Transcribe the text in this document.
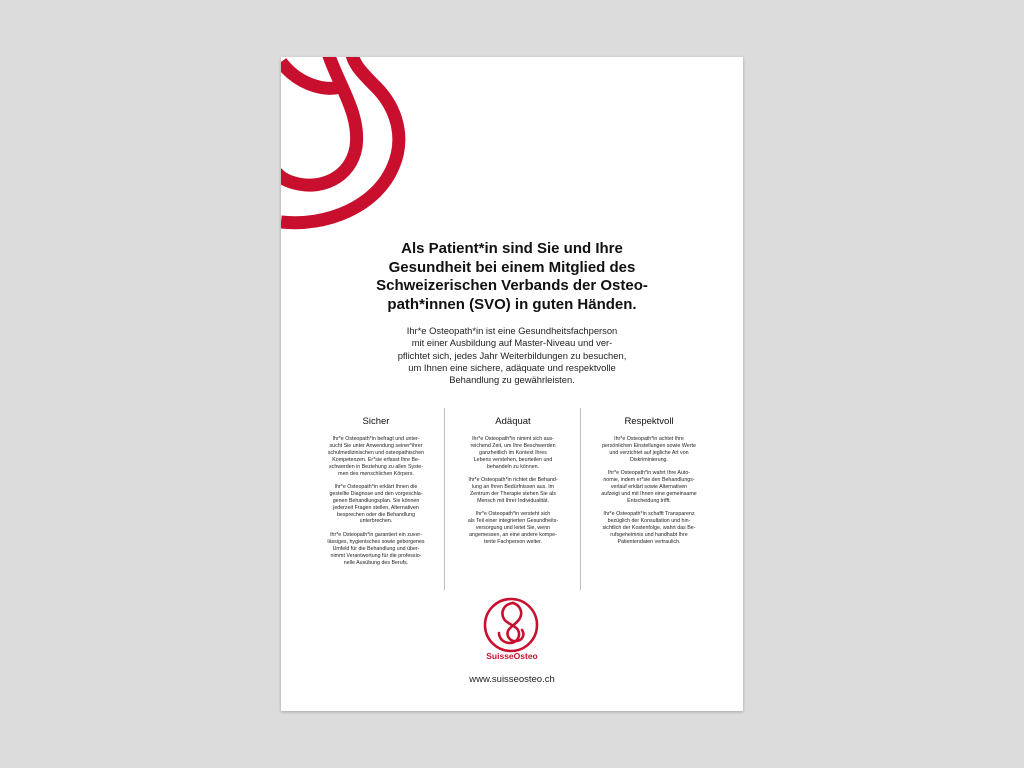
Als Patient*in sind Sie und Ihre
Gesundheit bei einem Mitglied des
Schweizerischen Verbands der Osteo-
path*innen (SVO) in guten Händen.
Ihr*e Osteopath*in ist eine Gesundheitsfachperson
mit einer Ausbildung auf Master-Niveau und ver-
pflichtet sich, jedes Jahr Weiterbildungen zu besuchen,
um Ihnen eine sichere, adäquate und respektvolle
Behandlung zu gewährleisten.
Sicher
Ihr*e Osteopath*in befragt und unter-
sucht Sie unter Anwendung seiner*ihrer
schulmedizinischen und osteopathischen
Kompetenzen. Er*sie erfasst Ihre Be-
schwerden in Beziehung zu allen Syste-
men des menschlichen Körpers.
Ihr*e Osteopath*in erklärt Ihnen die
gestellte Diagnose und den vorgeschla-
genen Behandlungsplan. Sie können
jederzeit Fragen stellen, Alternativen
besprechen oder die Behandlung
unterbrechen.
Ihr*e Osteopath*in garantiert ein zuver-
lässiges, hygienisches sowie geborgenes
Umfeld für die Behandlung und über-
nimmt Verantwortung für die professio-
nelle Ausübung des Berufs.
Adäquat
Ihr*e Osteopath*in nimmt sich aus-
reichend Zeit, um Ihre Beschwerden
ganzheitlich im Kontext Ihres
Lebens verstehen, beurteilen und
behandeln zu können.
Ihr*e Osteopath*in richtet die Behand-
lung an Ihren Bedürfnissen aus. Im
Zentrum der Therapie stehen Sie als
Mensch mit Ihrer Individualität.
Ihr*e Osteopath*in versteht sich
als Teil einer integrierten Gesundheits-
versorgung und leitet Sie, wenn
angemessen, an eine andere kompe-
tente Fachperson weiter.
Respektvoll
Ihr*e Osteopath*in achtet Ihre
persönlichen Einstellungen sowie Werte
und verzichtet auf jegliche Art von
Diskriminierung.
Ihr*e Osteopath*in wahrt Ihre Auto-
nomie, indem er*sie den Behandlungs-
verlauf erklärt sowie Alternativen
aufzeigt und mit Ihnen eine gemeinsame
Entscheidung trifft.
Ihr*e Osteopath*in schafft Transparenz
bezüglich der Konsultation und hin-
sichtlich der Kostenfolge, wahrt das Be-
rufsgeheimnis und handhabt Ihre
Patientendaten vertraulich.
SuisseOsteo
www.suisseosteo.ch
